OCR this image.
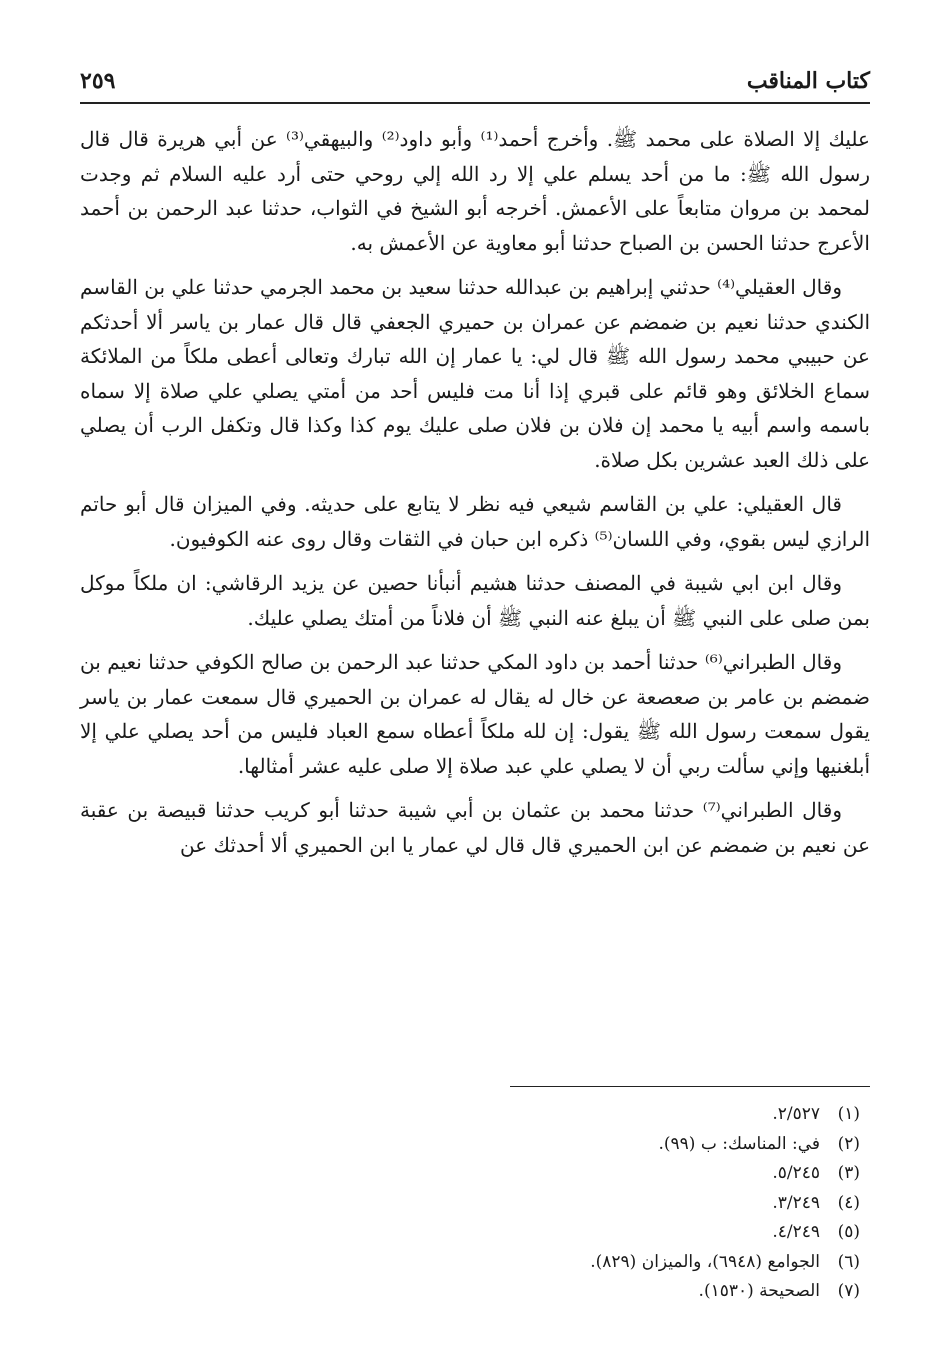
كتاب المناقب
٢٥٩

عليك إلا الصلاة على محمد ﷺ. وأخرج أحمد⁽¹⁾ وأبو داود⁽²⁾ والبيهقي⁽³⁾ عن أبي هريرة قال قال رسول الله ﷺ: ما من أحد يسلم علي إلا رد الله إلي روحي حتى أرد عليه السلام ثم وجدت لمحمد بن مروان متابعاً على الأعمش. أخرجه أبو الشيخ في الثواب، حدثنا عبد الرحمن بن أحمد الأعرج حدثنا الحسن بن الصباح حدثنا أبو معاوية عن الأعمش به.

وقال العقيلي⁽⁴⁾ حدثني إبراهيم بن عبدالله حدثنا سعيد بن محمد الجرمي حدثنا علي بن القاسم الكندي حدثنا نعيم بن ضمضم عن عمران بن حميري الجعفي قال قال عمار بن ياسر ألا أحدثكم عن حبيبي محمد رسول الله ﷺ قال لي: يا عمار إن الله تبارك وتعالى أعطى ملكاً من الملائكة سماع الخلائق وهو قائم على قبري إذا أنا مت فليس أحد من أمتي يصلي علي صلاة إلا سماه باسمه واسم أبيه يا محمد إن فلان بن فلان صلى عليك يوم كذا وكذا قال وتكفل الرب أن يصلي على ذلك العبد عشرين بكل صلاة.

قال العقيلي: علي بن القاسم شيعي فيه نظر لا يتابع على حديثه. وفي الميزان قال أبو حاتم الرازي ليس بقوي، وفي اللسان⁽⁵⁾ ذكره ابن حبان في الثقات وقال روى عنه الكوفيون.

وقال ابن ابي شيبة في المصنف حدثنا هشيم أنبأنا حصين عن يزيد الرقاشي: ان ملكاً موكل بمن صلى على النبي ﷺ أن يبلغ عنه النبي ﷺ أن فلاناً من أمتك يصلي عليك.

وقال الطبراني⁽⁶⁾ حدثنا أحمد بن داود المكي حدثنا عبد الرحمن بن صالح الكوفي حدثنا نعيم بن ضمضم بن عامر بن صعصعة عن خال له يقال له عمران بن الحميري قال سمعت عمار بن ياسر يقول سمعت رسول الله ﷺ يقول: إن لله ملكاً أعطاه سمع العباد فليس من أحد يصلي علي إلا أبلغنيها وإني سألت ربي أن لا يصلي علي عبد صلاة إلا صلى عليه عشر أمثالها.

وقال الطبراني⁽⁷⁾ حدثنا محمد بن عثمان بن أبي شيبة حدثنا أبو كريب حدثنا قبيصة بن عقبة عن نعيم بن ضمضم عن ابن الحميري قال قال لي عمار يا ابن الحميري ألا أحدثك عن

(١)
٢/٥٢٧.
(٢)
في: المناسك: ب (٩٩).
(٣)
٥/٢٤٥.
(٤)
٣/٢٤٩.
(٥)
٤/٢٤٩.
(٦)
الجوامع (٦٩٤٨)، والميزان (٨٢٩).
(٧)
الصحيحة (١٥٣٠).
